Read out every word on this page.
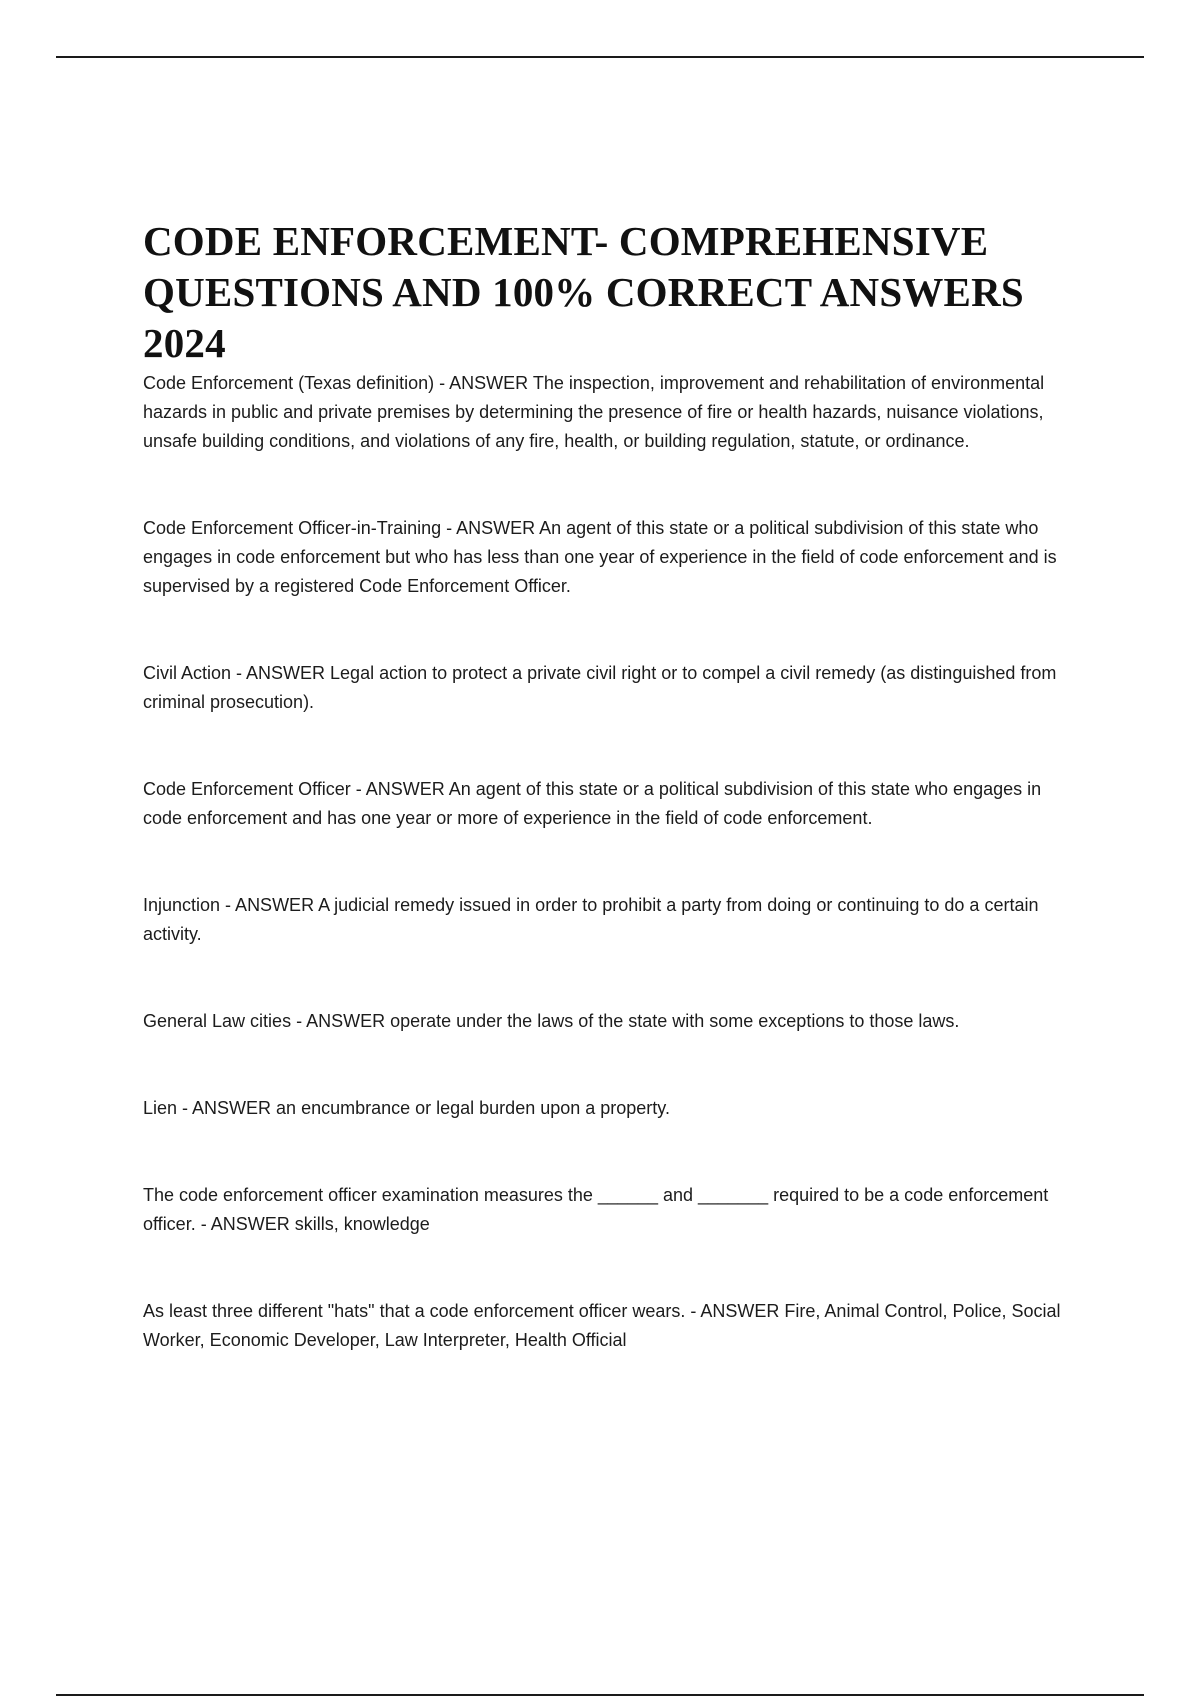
CODE ENFORCEMENT- COMPREHENSIVE QUESTIONS AND 100% CORRECT ANSWERS 2024

Code Enforcement (Texas definition) - ANSWER The inspection, improvement and rehabilitation of environmental hazards in public and private premises by determining the presence of fire or health hazards, nuisance violations, unsafe building conditions, and violations of any fire, health, or building regulation, statute, or ordinance.

Code Enforcement Officer-in-Training - ANSWER An agent of this state or a political subdivision of this state who engages in code enforcement but who has less than one year of experience in the field of code enforcement and is supervised by a registered Code Enforcement Officer.

Civil Action - ANSWER Legal action to protect a private civil right or to compel a civil remedy (as distinguished from criminal prosecution).

Code Enforcement Officer - ANSWER An agent of this state or a political subdivision of this state who engages in code enforcement and has one year or more of experience in the field of code enforcement.

Injunction - ANSWER A judicial remedy issued in order to prohibit a party from doing or continuing to do a certain activity.

General Law cities - ANSWER operate under the laws of the state with some exceptions to those laws.

Lien - ANSWER an encumbrance or legal burden upon a property.

The code enforcement officer examination measures the ______ and _______ required to be a code enforcement officer. - ANSWER skills, knowledge

As least three different "hats" that a code enforcement officer wears. - ANSWER Fire, Animal Control, Police, Social Worker, Economic Developer, Law Interpreter, Health Official
